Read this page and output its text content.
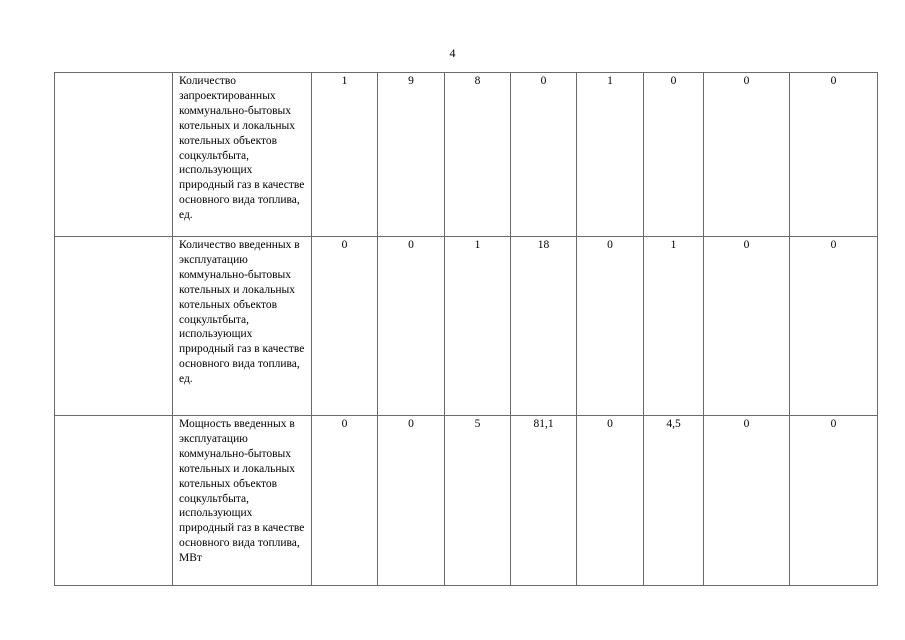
4
	Количество запроектированных коммунально-бытовых котельных и локальных котельных объектов соцкультбыта, использующих природный газ в качестве основного вида топлива, ед.	1	9	8	0	1	0	0	0
	Количество введенных в эксплуатацию коммунально-бытовых котельных и локальных котельных объектов соцкультбыта, использующих природный газ в качестве основного вида топлива, ед.	0	0	1	18	0	1	0	0
	Мощность введенных в эксплуатацию коммунально-бытовых котельных и локальных котельных объектов соцкультбыта, использующих природный газ в качестве основного вида топлива, МВт	0	0	5	81,1	0	4,5	0	0
